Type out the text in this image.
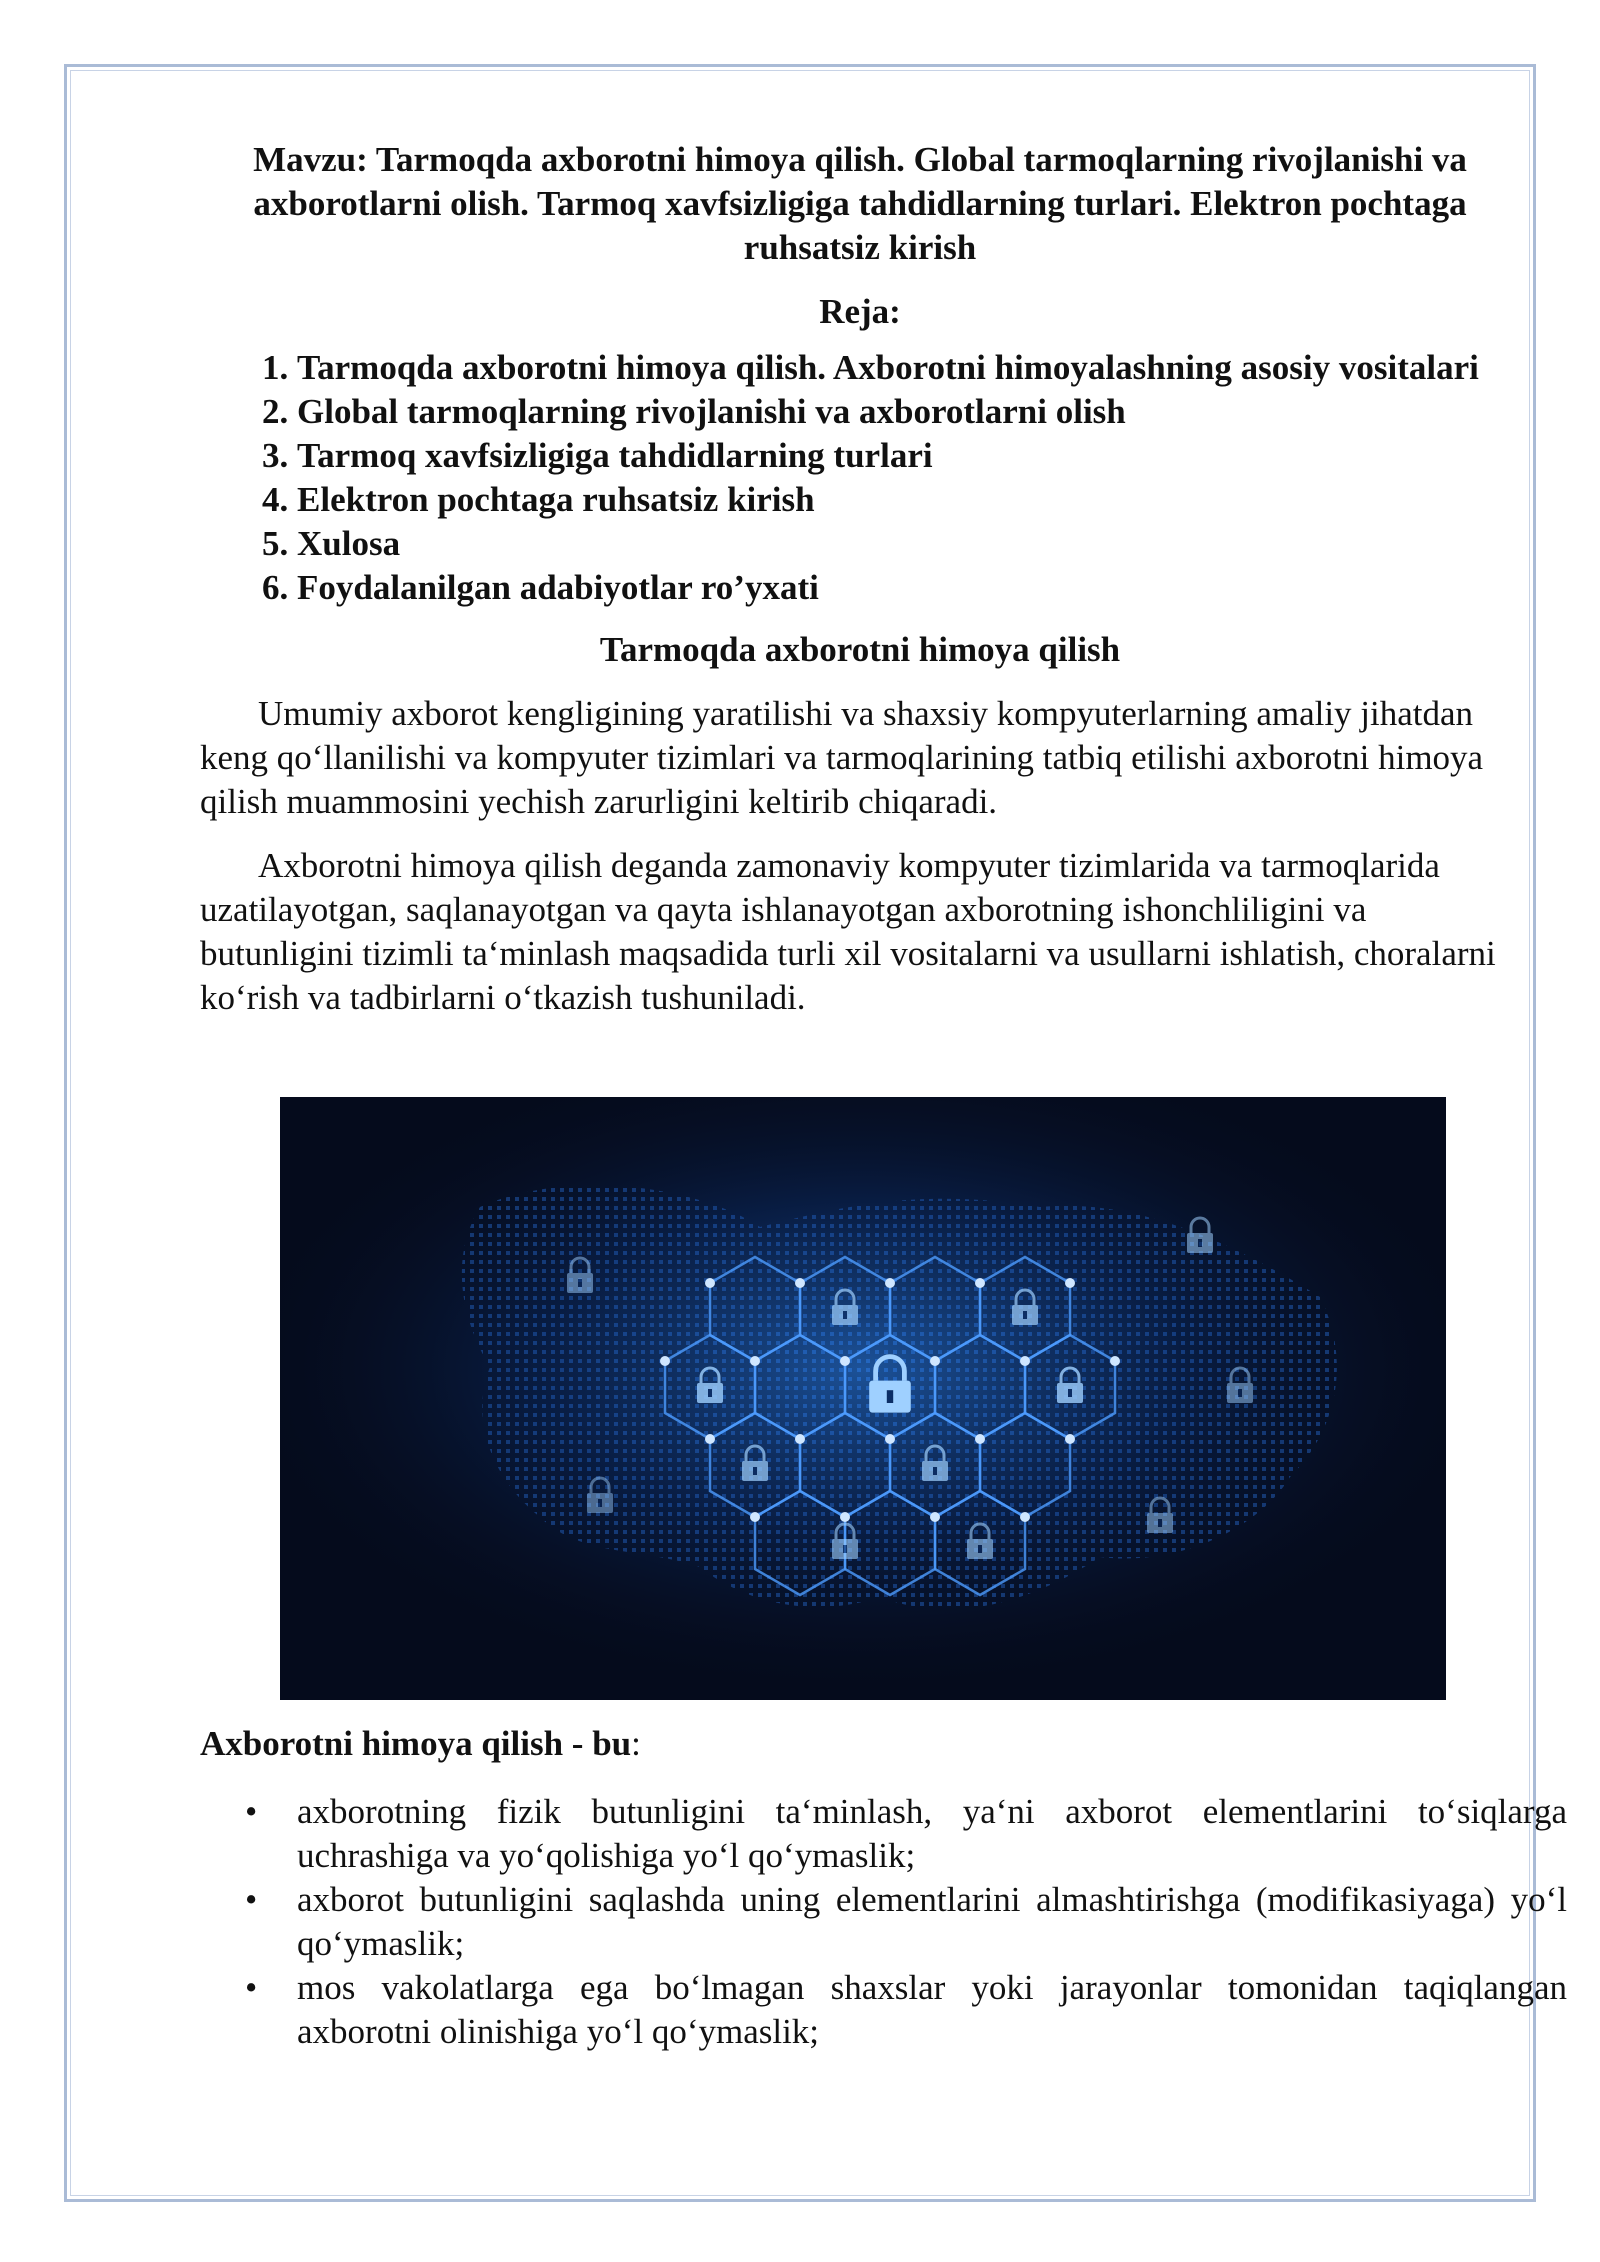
Mavzu: Tarmoqda axborotni himoya qilish. Global tarmoqlarning rivojlanishi va axborotlarni olish. Tarmoq xavfsizligiga tahdidlarning turlari. Elektron pochtaga ruhsatsiz kirish

Reja:

1. Tarmoqda axborotni himoya qilish. Axborotni himoyalashning asosiy vositalari
2. Global tarmoqlarning rivojlanishi va axborotlarni olish
3. Tarmoq xavfsizligiga tahdidlarning turlari
4. Elektron pochtaga ruhsatsiz kirish
5. Xulosa
6. Foydalanilgan adabiyotlar ro’yxati

Tarmoqda axborotni himoya qilish

Umumiy axborot kengligining yaratilishi va shaxsiy kompyuterlarning amaliy jihatdan keng qo‘llanilishi va kompyuter tizimlari va tarmoqlarining tatbiq etilishi axborotni himoya qilish muammosini yechish zarurligini keltirib chiqaradi.

Axborotni himoya qilish deganda zamonaviy kompyuter tizimlarida va tarmoqlarida uzatilayotgan, saqlanayotgan va qayta ishlanayotgan axborotning ishonchliligini va butunligini tizimli ta‘minlash maqsadida turli xil vositalarni va usullarni ishlatish, choralarni ko‘rish va tadbirlarni o‘tkazish tushuniladi.

Axborotni himoya qilish - bu:

• axborotning fizik butunligini ta‘minlash, ya‘ni axborot elementlarini to‘siqlarga uchrashiga va yo‘qolishiga yo‘l qo‘ymaslik;
• axborot butunligini saqlashda uning elementlarini almashtirishga (modifikasiyaga) yo‘l qo‘ymaslik;
• mos vakolatlarga ega bo‘lmagan shaxslar yoki jarayonlar tomonidan taqiqlangan axborotni olinishiga yo‘l qo‘ymaslik;
